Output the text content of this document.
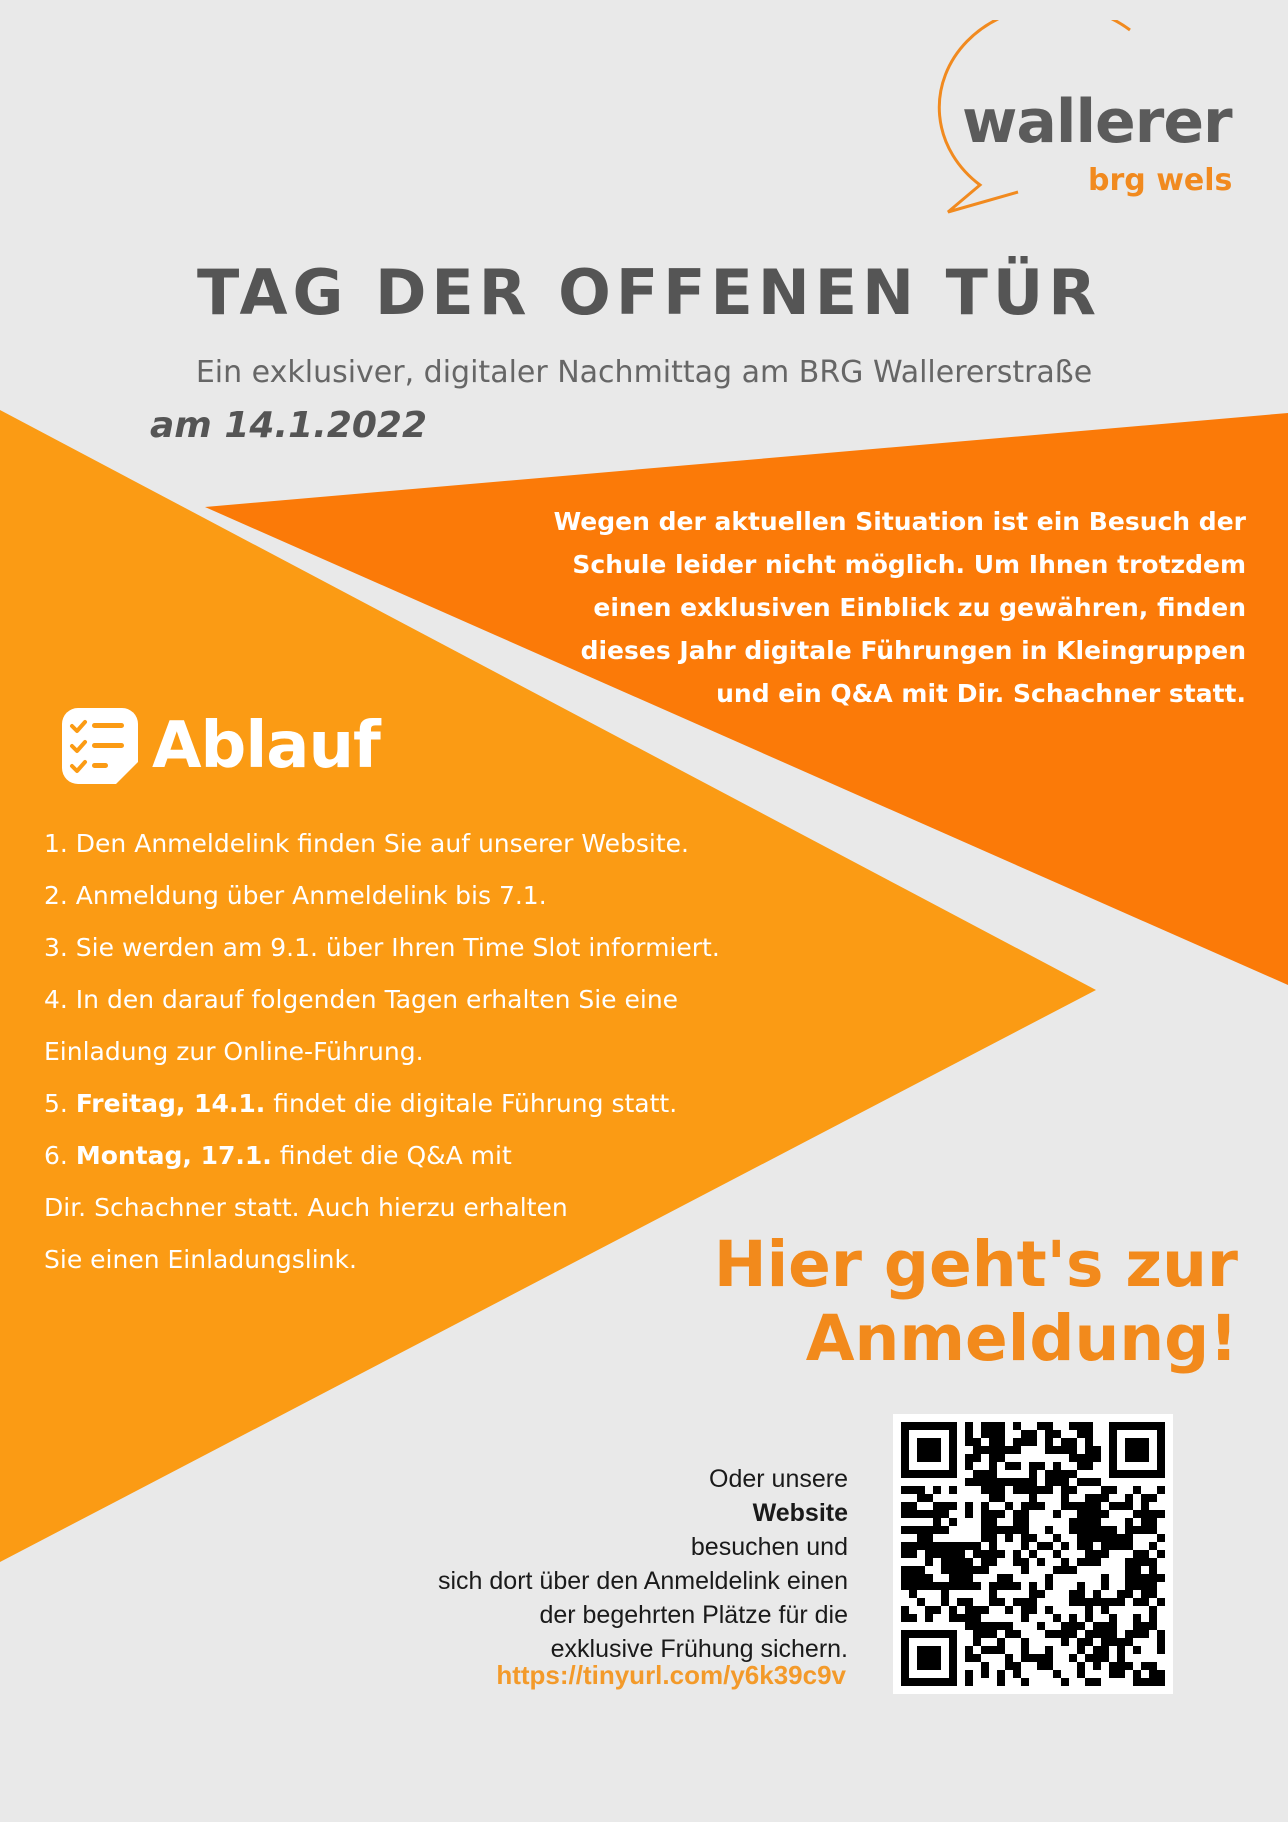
wallerer
brg wels
TAG DER OFFENEN TÜR
Ein exklusiver, digitaler Nachmittag am BRG Wallererstraße
am 14.1.2022
Wegen der aktuellen Situation ist ein Besuch der
Schule leider nicht möglich. Um Ihnen trotzdem
einen exklusiven Einblick zu gewähren, finden
dieses Jahr digitale Führungen in Kleingruppen
und ein Q&A mit Dir. Schachner statt.
Ablauf
1. Den Anmeldelink finden Sie auf unserer Website.
2. Anmeldung über Anmeldelink bis 7.1.
3. Sie werden am 9.1. über Ihren Time Slot informiert.
4. In den darauf folgenden Tagen erhalten Sie eine
Einladung zur Online-Führung.
5. Freitag, 14.1. findet die digitale Führung statt.
6. Montag, 17.1. findet die Q&A mit
Dir. Schachner statt. Auch hierzu erhalten
Sie einen Einladungslink.	Hier geht's zur
Anmeldung!
Oder unsere
Website
besuchen und
sich dort über den Anmeldelink einen
der begehrten Plätze für die
exklusive Frühung sichern.
https://tinyurl.com/y6k39c9v
